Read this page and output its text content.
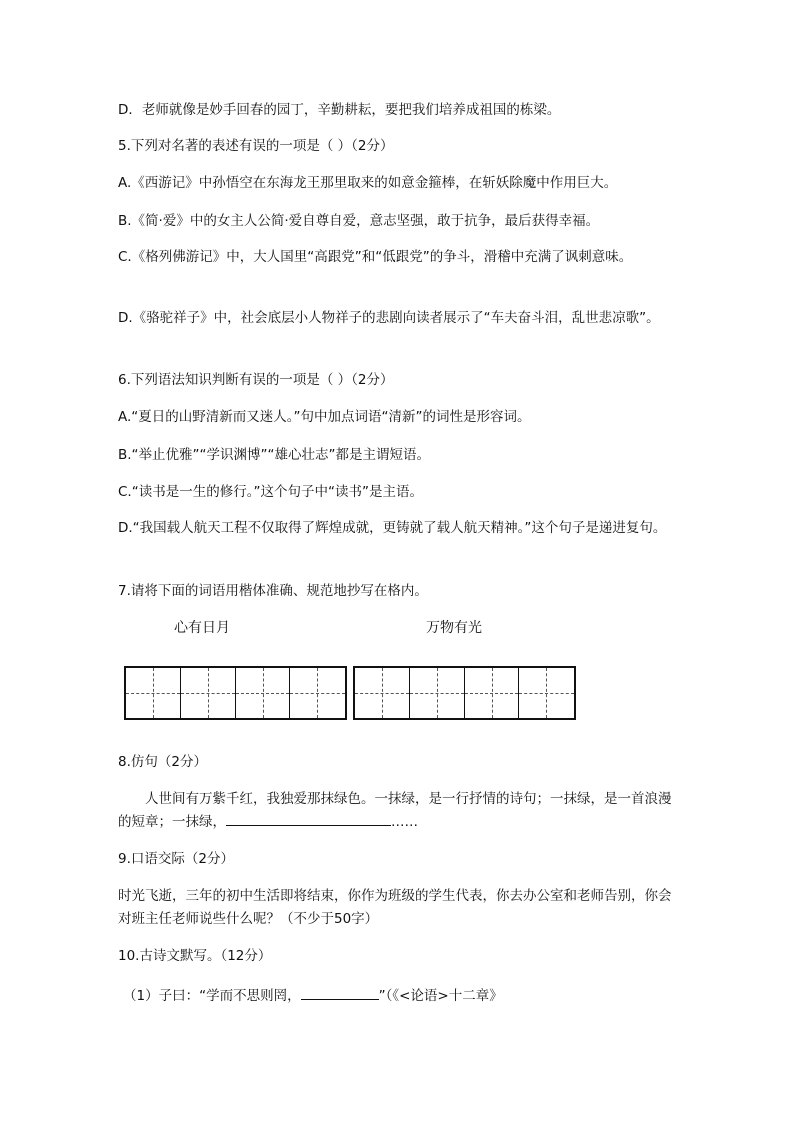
D．老师就像是妙手回春的园丁，辛勤耕耘，要把我们培养成祖国的栋梁。
5.下列对名著的表述有误的一项是（ ）（2分）
A.《西游记》中孙悟空在东海龙王那里取来的如意金箍棒，在斩妖除魔中作用巨大。
B.《简·爱》中的女主人公简·爱自尊自爱，意志坚强，敢于抗争，最后获得幸福。
C.《格列佛游记》中，大人国里“高跟党”和“低跟党”的争斗，滑稽中充满了讽刺意味。
D.《骆驼祥子》中，社会底层小人物祥子的悲剧向读者展示了“车夫奋斗泪，乱世悲凉歌”。
6.下列语法知识判断有误的一项是（ ）（2分）
A.“夏日的山野清新而又迷人。”句中加点词语“清新”的词性是形容词。
B.“举止优雅”“学识渊博”“雄心壮志”都是主谓短语。
C.“读书是一生的修行。”这个句子中“读书”是主语。
D.“我国载人航天工程不仅取得了辉煌成就，更铸就了载人航天精神。”这个句子是递进复句。
7.请将下面的词语用楷体准确、规范地抄写在格内。
心有日月	万物有光
8.仿句（2分）
人世间有万紫千红，我独爱那抹绿色。一抹绿，是一行抒情的诗句；一抹绿，是一首浪漫的短章；一抹绿，	……
9.口语交际（2分）
时光飞逝，三年的初中生活即将结束，你作为班级的学生代表，你去办公室和老师告别，你会对班主任老师说些什么呢？（不少于50字）
10.古诗文默写。（12分）
（1）子曰：“学而不思则罔，	”（《<论语>十二章》
